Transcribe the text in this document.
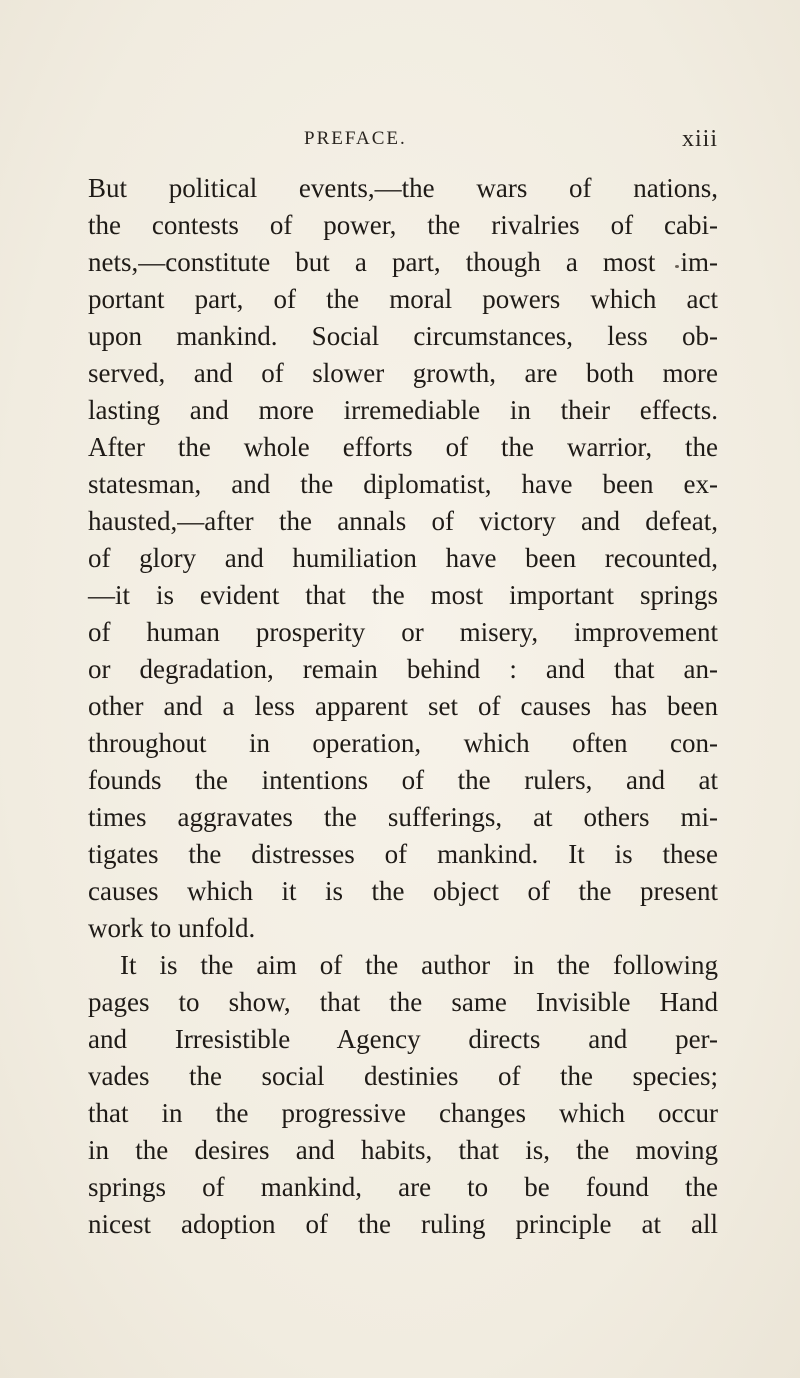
PREFACE.	xiii
But political events,—the wars of nations,
the contests of power, the rivalries of cabi-
nets,—constitute but a part, though a most im-
portant part, of the moral powers which act
upon mankind. Social circumstances, less ob-
served, and of slower growth, are both more
lasting and more irremediable in their effects.
After the whole efforts of the warrior, the
statesman, and the diplomatist, have been ex-
hausted,—after the annals of victory and defeat,
of glory and humiliation have been recounted,
—it is evident that the most important springs
of human prosperity or misery, improvement
or degradation, remain behind : and that an-
other and a less apparent set of causes has been
throughout in operation, which often con-
founds the intentions of the rulers, and at
times aggravates the sufferings, at others mi-
tigates the distresses of mankind. It is these
causes which it is the object of the present
work to unfold.
It is the aim of the author in the following
pages to show, that the same Invisible Hand
and Irresistible Agency directs and per-
vades the social destinies of the species;
that in the progressive changes which occur
in the desires and habits, that is, the moving
springs of mankind, are to be found the
nicest adoption of the ruling principle at all
